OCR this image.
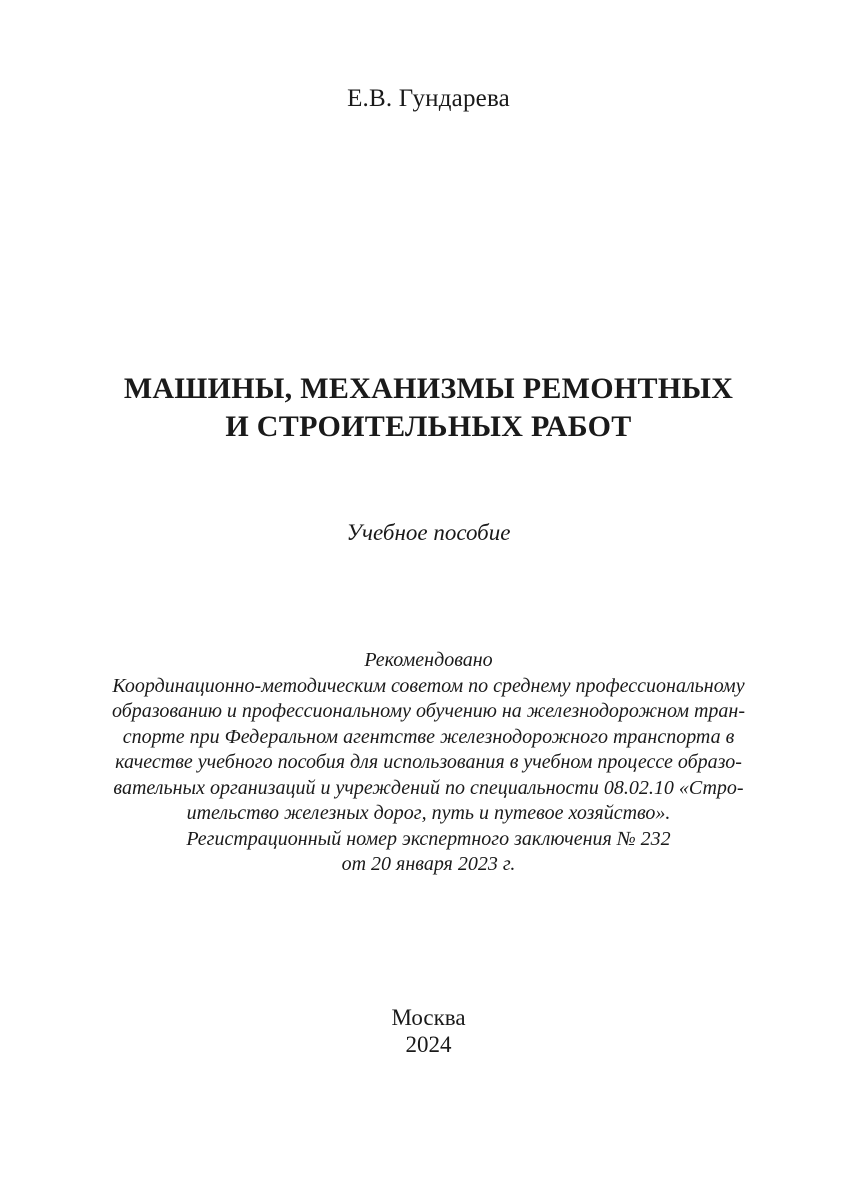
Е.В. Гундарева
МАШИНЫ, МЕХАНИЗМЫ РЕМОНТНЫХ
И СТРОИТЕЛЬНЫХ РАБОТ
Учебное пособие
Рекомендовано
Координационно-методическим советом по среднему профессиональному
образованию и профессиональному обучению на железнодорожном тран-
спорте при Федеральном агентстве железнодорожного транспорта в
качестве учебного пособия для использования в учебном процессе образо-
вательных организаций и учреждений по специальности 08.02.10 «Стро-
ительство железных дорог, путь и путевое хозяйство».
Регистрационный номер экспертного заключения № 232
от 20 января 2023 г.
Москва
2024
